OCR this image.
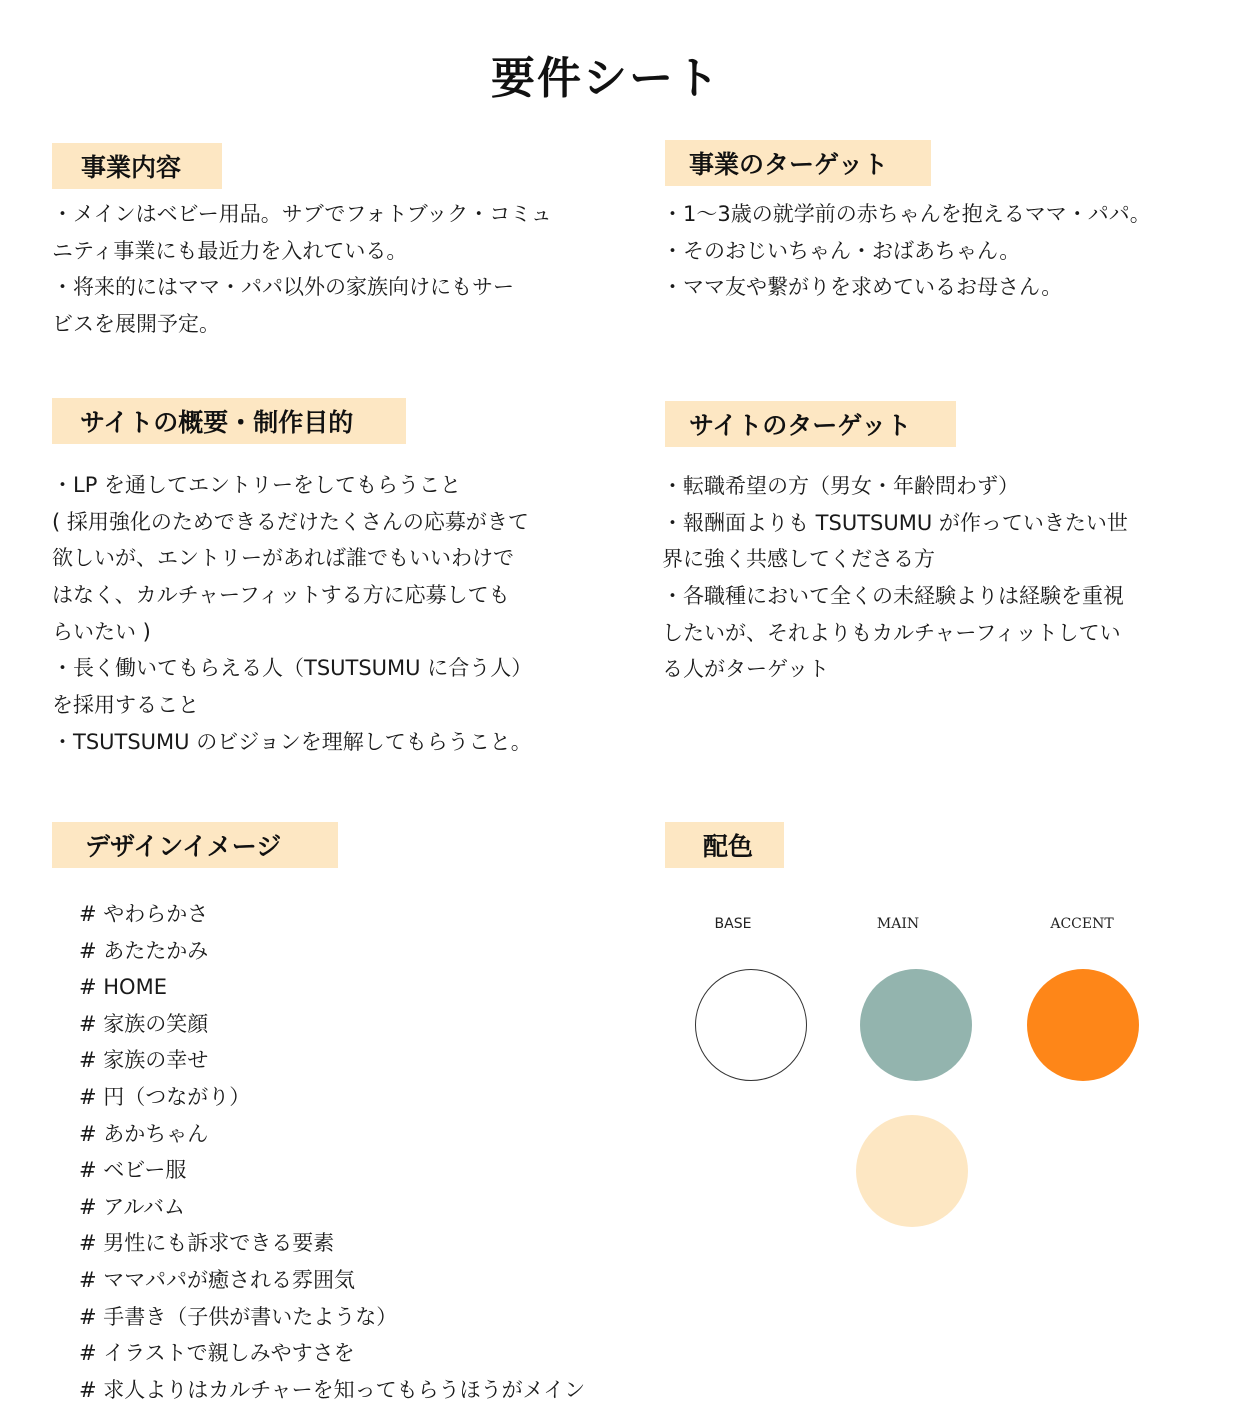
要件シート
事業内容
・メインはベビー用品。サブでフォトブック・コミュ
ニティ事業にも最近力を入れている。
・将来的にはママ・パパ以外の家族向けにもサー
ビスを展開予定。
事業のターゲット
・1〜3歳の就学前の赤ちゃんを抱えるママ・パパ。
・そのおじいちゃん・おばあちゃん。
・ママ友や繋がりを求めているお母さん。
サイトの概要・制作目的
・LP を通してエントリーをしてもらうこと
( 採用強化のためできるだけたくさんの応募がきて
欲しいが、エントリーがあれば誰でもいいわけで
はなく、カルチャーフィットする方に応募しても
らいたい )
・長く働いてもらえる人（TSUTSUMU に合う人）
を採用すること
・TSUTSUMU のビジョンを理解してもらうこと。
サイトのターゲット
・転職希望の方（男女・年齢問わず）
・報酬面よりも TSUTSUMU が作っていきたい世
界に強く共感してくださる方
・各職種において全くの未経験よりは経験を重視
したいが、それよりもカルチャーフィットしてい
る人がターゲット
デザインイメージ
# やわらかさ
# あたたかみ
# HOME
# 家族の笑顔
# 家族の幸せ
# 円（つながり）
# あかちゃん
# ベビー服
# アルバム
# 男性にも訴求できる要素
# ママパパが癒される雰囲気
# 手書き（子供が書いたような）
# イラストで親しみやすさを
# 求人よりはカルチャーを知ってもらうほうがメイン
配色
BASE	MAIN	ACCENT
